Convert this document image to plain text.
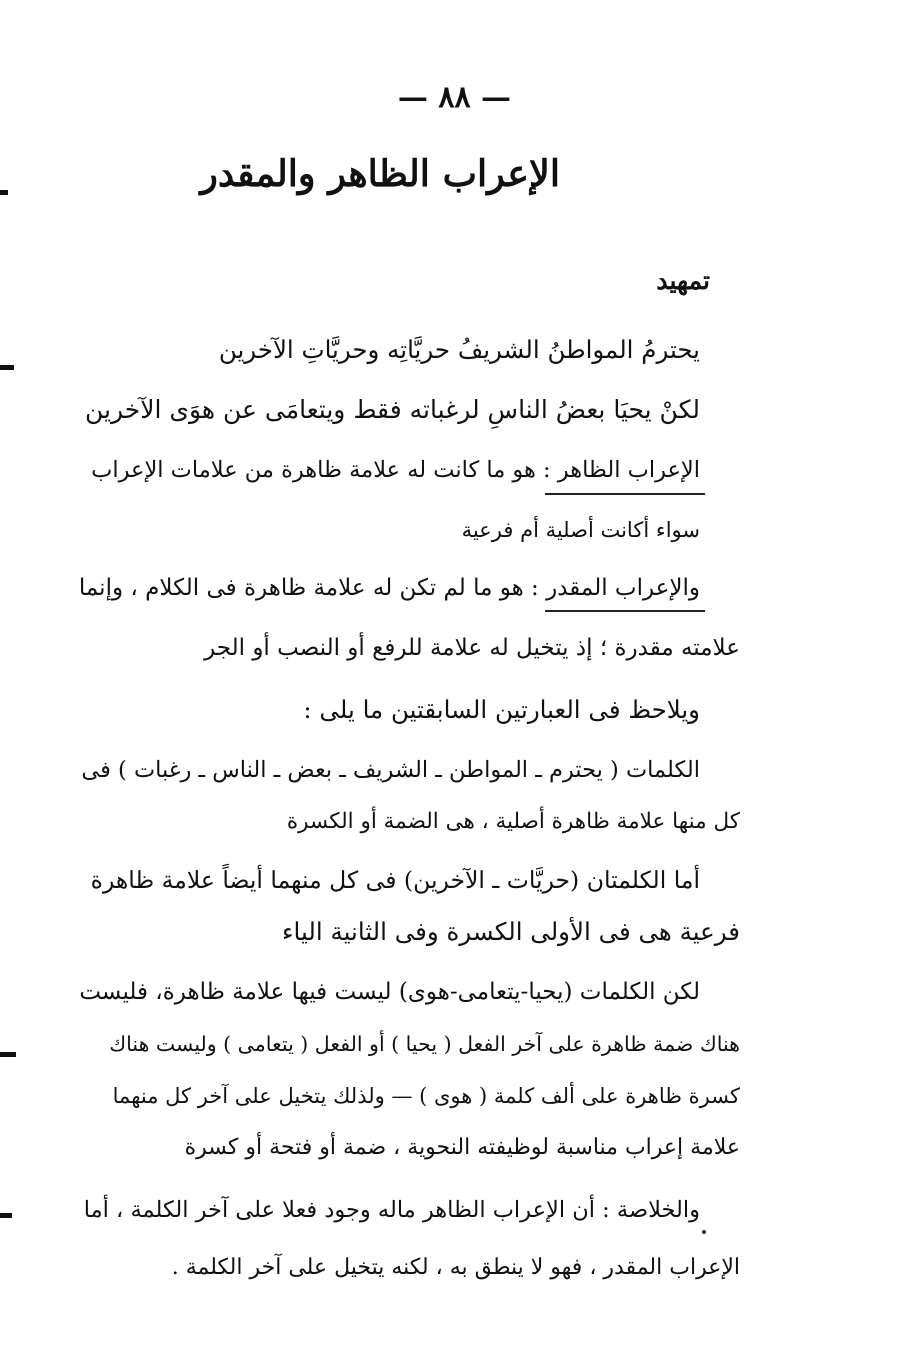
— ٨٨ —
الإعراب الظاهر والمقدر
تمهيد
يحترمُ المواطنُ الشريفُ حريَّاتِه وحريَّاتِ الآخرين
لكنْ يحيَا بعضُ الناسِ لرغباته فقط ويتعامَى عن هوَى الآخرين
الإعراب الظاهر : هو ما كانت له علامة ظاهرة من علامات الإعراب
سواء أكانت أصلية أم فرعية
والإعراب المقدر : هو ما لم تكن له علامة ظاهرة فى الكلام ، وإنما
علامته مقدرة ؛ إذ يتخيل له علامة للرفع أو النصب أو الجر
ويلاحظ فى العبارتين السابقتين ما يلى :
الكلمات ( يحترم ـ المواطن ـ الشريف ـ بعض ـ الناس ـ رغبات ) فى
كل منها علامة ظاهرة أصلية ، هى الضمة أو الكسرة
أما الكلمتان (حريَّات ـ الآخرين) فى كل منهما أيضاً علامة ظاهرة
فرعية هى فى الأولى الكسرة وفى الثانية الياء
لكن الكلمات (يحيا-يتعامى-هوى) ليست فيها علامة ظاهرة، فليست
هناك ضمة ظاهرة على آخر الفعل ( يحيا ) أو الفعل ( يتعامى ) وليست هناك
كسرة ظاهرة على ألف كلمة ( هوى ) — ولذلك يتخيل على آخر كل منهما
علامة إعراب مناسبة لوظيفته النحوية ، ضمة أو فتحة أو كسرة
والخلاصة : أن الإعراب الظاهر ماله وجود فعلا على آخر الكلمة ، أما
الإعراب المقدر ، فهو لا ينطق به ، لكنه يتخيل على آخر الكلمة .
